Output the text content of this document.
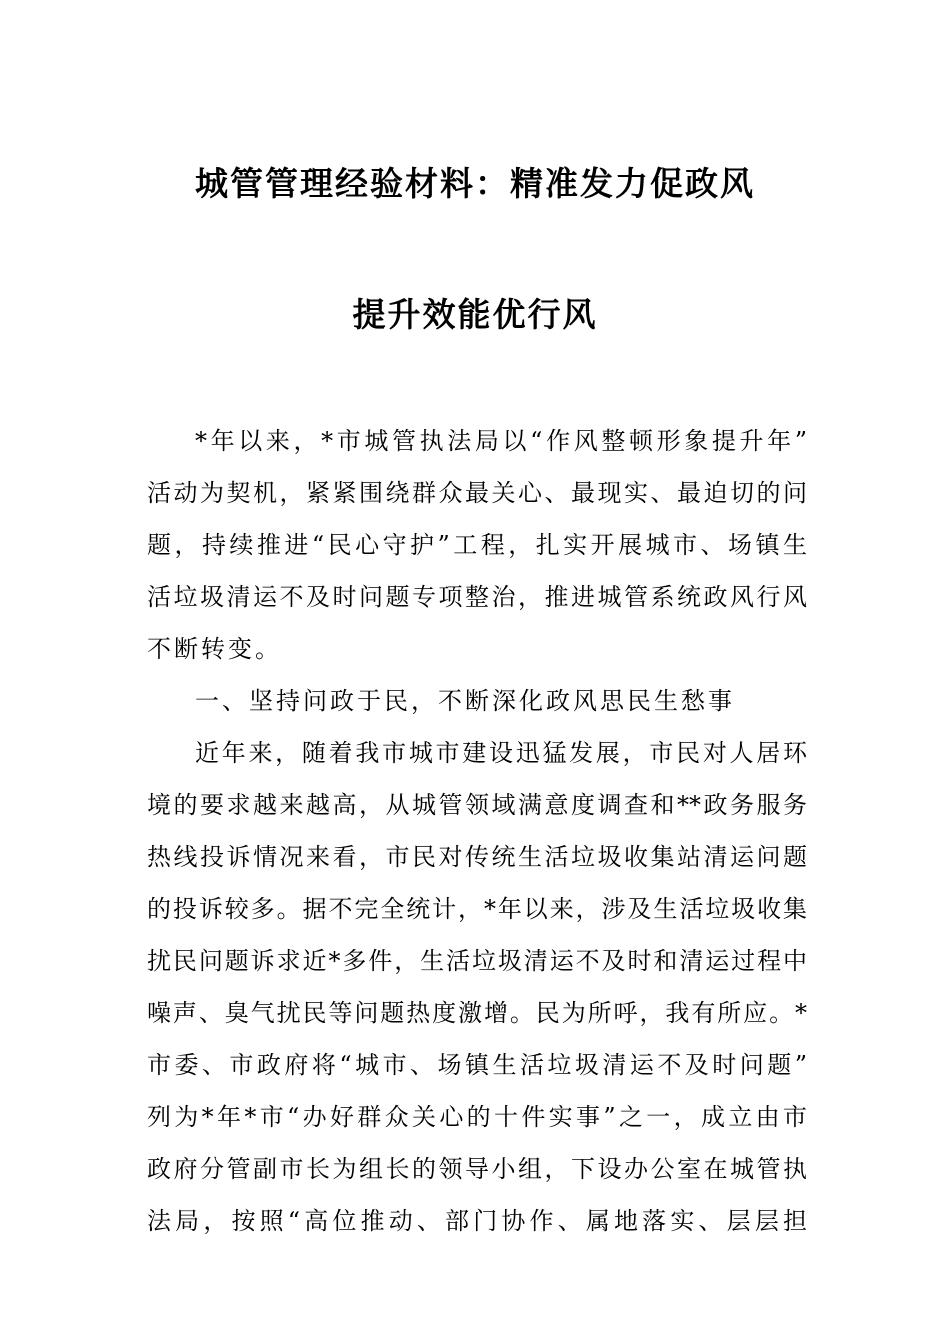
城管管理经验材料：精准发力促政风
提升效能优行风
*年以来，*市城管执法局以“作风整顿形象提升年”
活动为契机，紧紧围绕群众最关心、最现实、最迫切的问
题，持续推进“民心守护”工程，扎实开展城市、场镇生
活垃圾清运不及时问题专项整治，推进城管系统政风行风
不断转变。
一、坚持问政于民，不断深化政风思民生愁事
近年来，随着我市城市建设迅猛发展，市民对人居环
境的要求越来越高，从城管领域满意度调查和**政务服务
热线投诉情况来看，市民对传统生活垃圾收集站清运问题
的投诉较多。据不完全统计，*年以来，涉及生活垃圾收集
扰民问题诉求近*多件，生活垃圾清运不及时和清运过程中
噪声、臭气扰民等问题热度激增。民为所呼，我有所应。*
市委、市政府将“城市、场镇生活垃圾清运不及时问题”
列为*年*市“办好群众关心的十件实事”之一，成立由市
政府分管副市长为组长的领导小组，下设办公室在城管执
法局，按照“高位推动、部门协作、属地落实、层层担
